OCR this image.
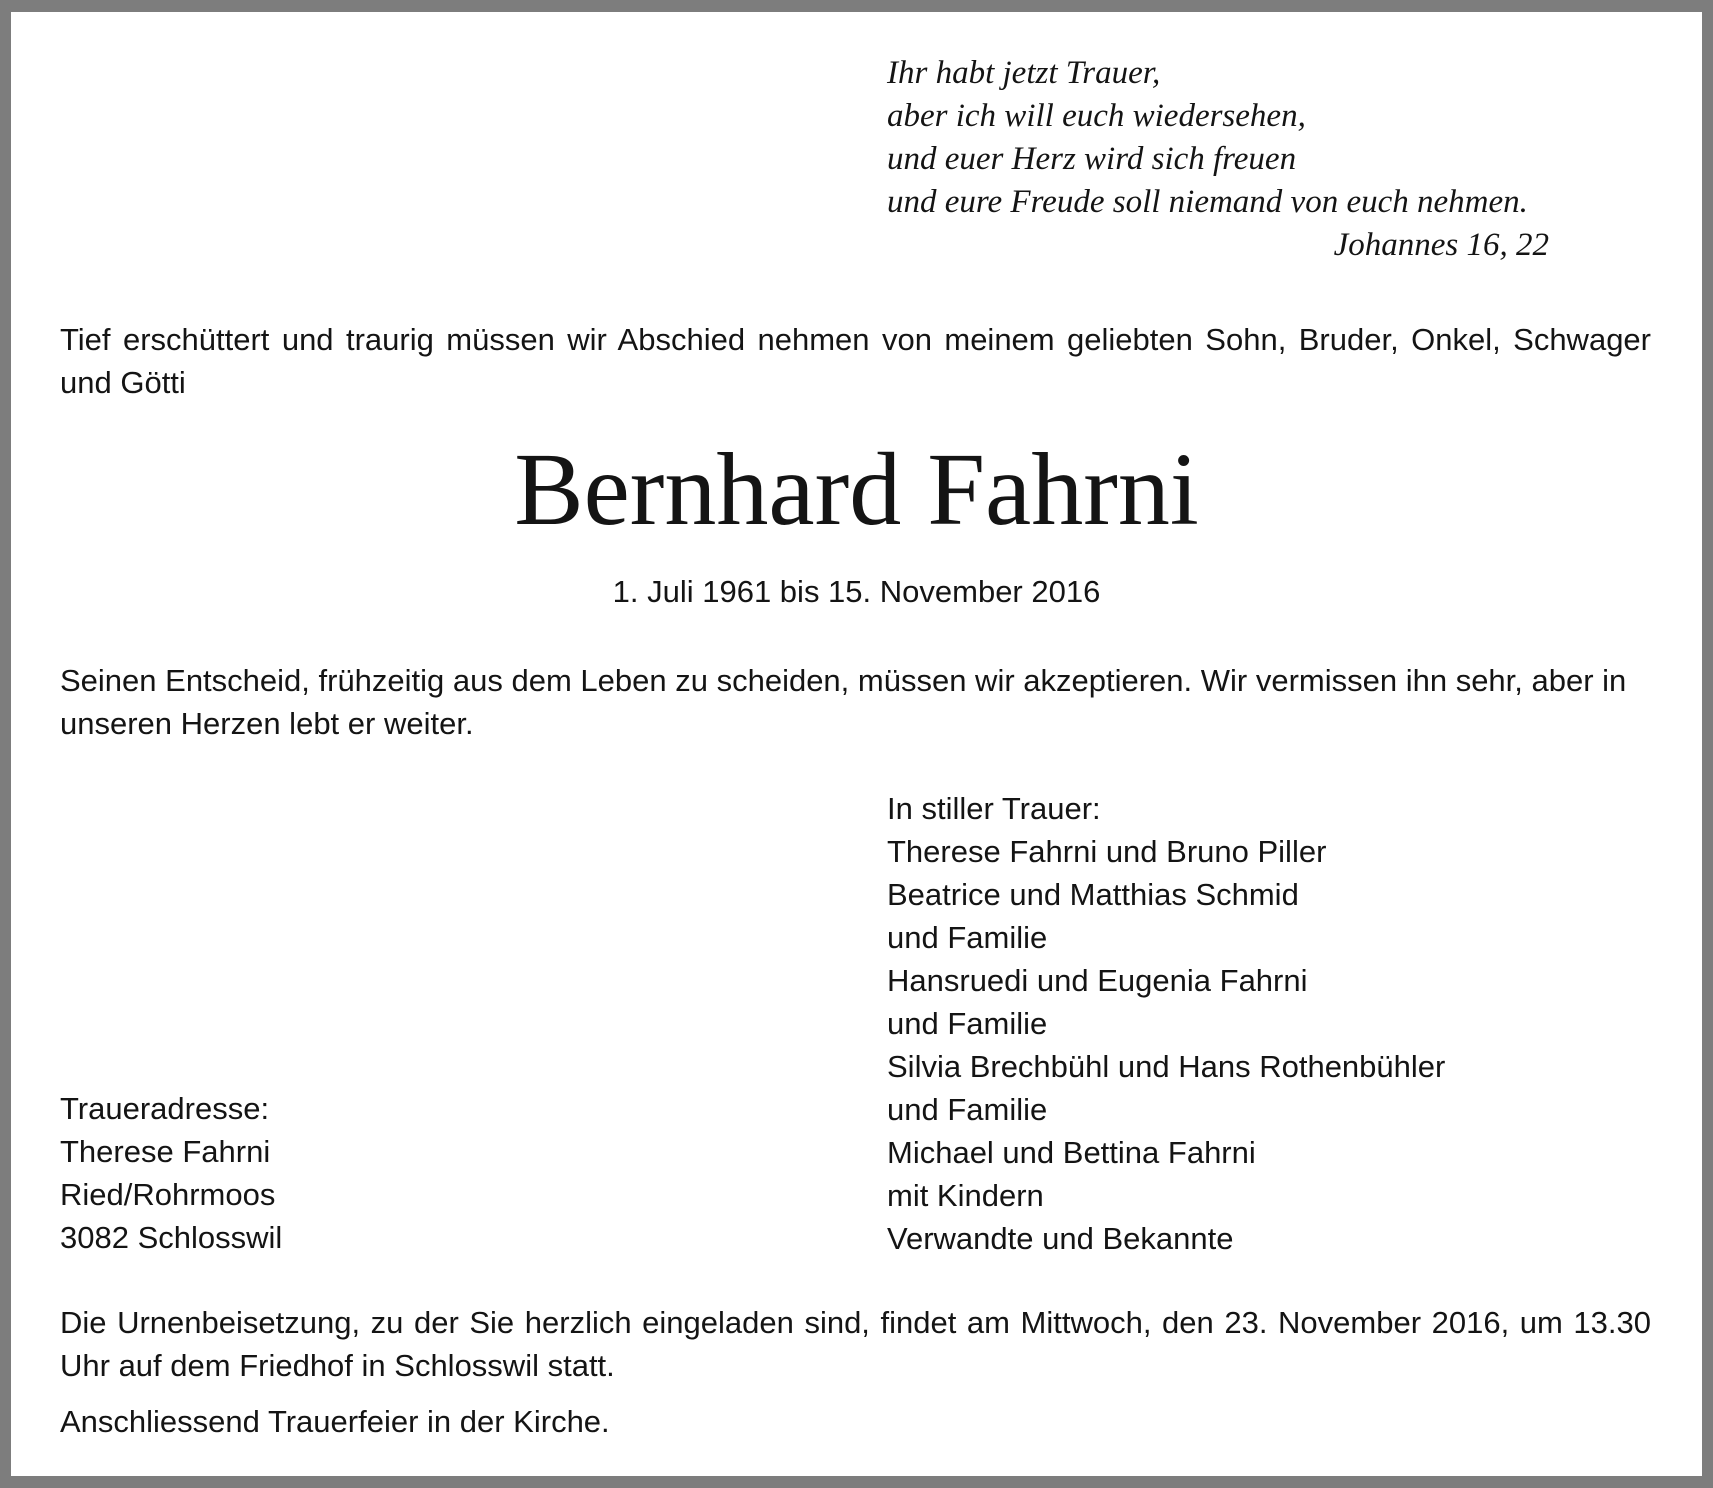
Ihr habt jetzt Trauer,
aber ich will euch wiedersehen,
und euer Herz wird sich freuen
und eure Freude soll niemand von euch nehmen.
Johannes 16, 22
Tief erschüttert und traurig müssen wir Abschied nehmen von meinem geliebten Sohn, Bruder, Onkel, Schwager und Götti
Bernhard Fahrni
1. Juli 1961 bis 15. November 2016
Seinen Entscheid, frühzeitig aus dem Leben zu scheiden, müssen wir akzeptieren. Wir vermissen ihn sehr, aber in unseren Herzen lebt er weiter.
In stiller Trauer:
Therese Fahrni und Bruno Piller
Beatrice und Matthias Schmid
und Familie
Hansruedi und Eugenia Fahrni
und Familie
Silvia Brechbühl und Hans Rothenbühler
und Familie
Michael und Bettina Fahrni
mit Kindern
Verwandte und Bekannte
Traueradresse:
Therese Fahrni
Ried/Rohrmoos
3082 Schlosswil
Die Urnenbeisetzung, zu der Sie herzlich eingeladen sind, findet am Mittwoch, den 23. November 2016, um 13.30 Uhr auf dem Friedhof in Schlosswil statt.
Anschliessend Trauerfeier in der Kirche.
